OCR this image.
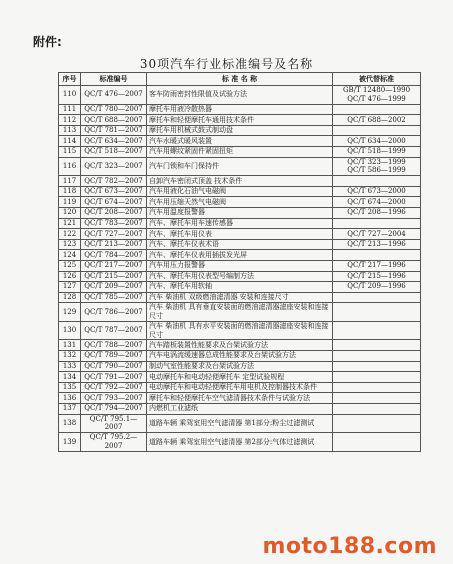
附件:
30项汽车行业标准编号及名称
序号	标准编号	标 准 名 称	被代替标准
110	QC/T 476—2007	客车防雨密封性限值及试验方法	GB/T 12480—1990
QC/T 476—1999
111	QC/T 780—2007	摩托车用液冷散热器	
112	QC/T 688—2007	摩托车和轻便摩托车通用技术条件	QC/T 688—2002
113	QC/T 781—2007	摩托车用机械式鼓式制动盘	
114	QC/T 634—2007	汽车水暖式暖风装置	QC/T 634—2000
115	QC/T 518—2007	汽车用螺纹紧固件紧固扭矩	QC/T 518—1999
116	QC/T 323—2007	汽车门锁和车门保持件	QC/T 323—1999
QC/T 586—1999
117	QC/T 782—2007	自卸汽车密闭式顶盖 技术条件	
118	QC/T 673—2007	汽车用液化石油气电磁阀	QC/T 673—2000
119	QC/T 674—2007	汽车用压缩天然气电磁阀	QC/T 674—2000
120	QC/T 208—2007	汽车用温度报警器	QC/T 208—1996
121	QC/T 783—2007	汽车、摩托车用车速传感器	
122	QC/T 727—2007	汽车、摩托车用仪表	QC/T 727—2004
123	QC/T 213—2007	汽车、摩托车仪表术语	QC/T 213—1996
124	QC/T 784—2007	汽车、摩托车仪表用插拔发光屏	
125	QC/T 217—2007	汽车用压力报警器	QC/T 217—1996
126	QC/T 215—2007	汽车、摩托车用仪表型号编制方法	QC/T 215—1996
127	QC/T 209—2007	汽车、摩托车用软轴	QC/T 209—1996
128	QC/T 785—2007	汽车 柴油机 双级燃油滤清器 安装和连接尺寸	
129	QC/T 786—2007	汽车 柴油机 具有垂直安装面的燃油滤清器滤座安装和连接尺寸	
130	QC/T 787—2007	汽车 柴油机 具有水平安装面的燃油滤清器滤座安装和连接尺寸	
131	QC/T 788—2007	汽车踏板装置性能要求及台架试验方法	
132	QC/T 789—2007	汽车电涡流缓速器总成性能要求及台架试验方法	
133	QC/T 790—2007	制动气室性能要求及台架试验方法	
134	QC/T 791—2007	电动摩托车和电动轻便摩托车 定型试验规程	
135	QC/T 792—2007	电动摩托车和电动轻便摩托车用电机及控制器技术条件	
136	QC/T 793—2007	摩托车和轻便摩托车空气滤清器技术条件与试验方法	
137	QC/T 794—2007	内燃机工业滤纸	
138	QC/T 795.1—2007	道路车辆 乘驾室用空气滤清器 第1部分:粉尘过滤测试	
139	QC/T 795.2—2007	道路车辆 乘驾室用空气滤清器 第2部分:气体过滤测试	
moto188.com
